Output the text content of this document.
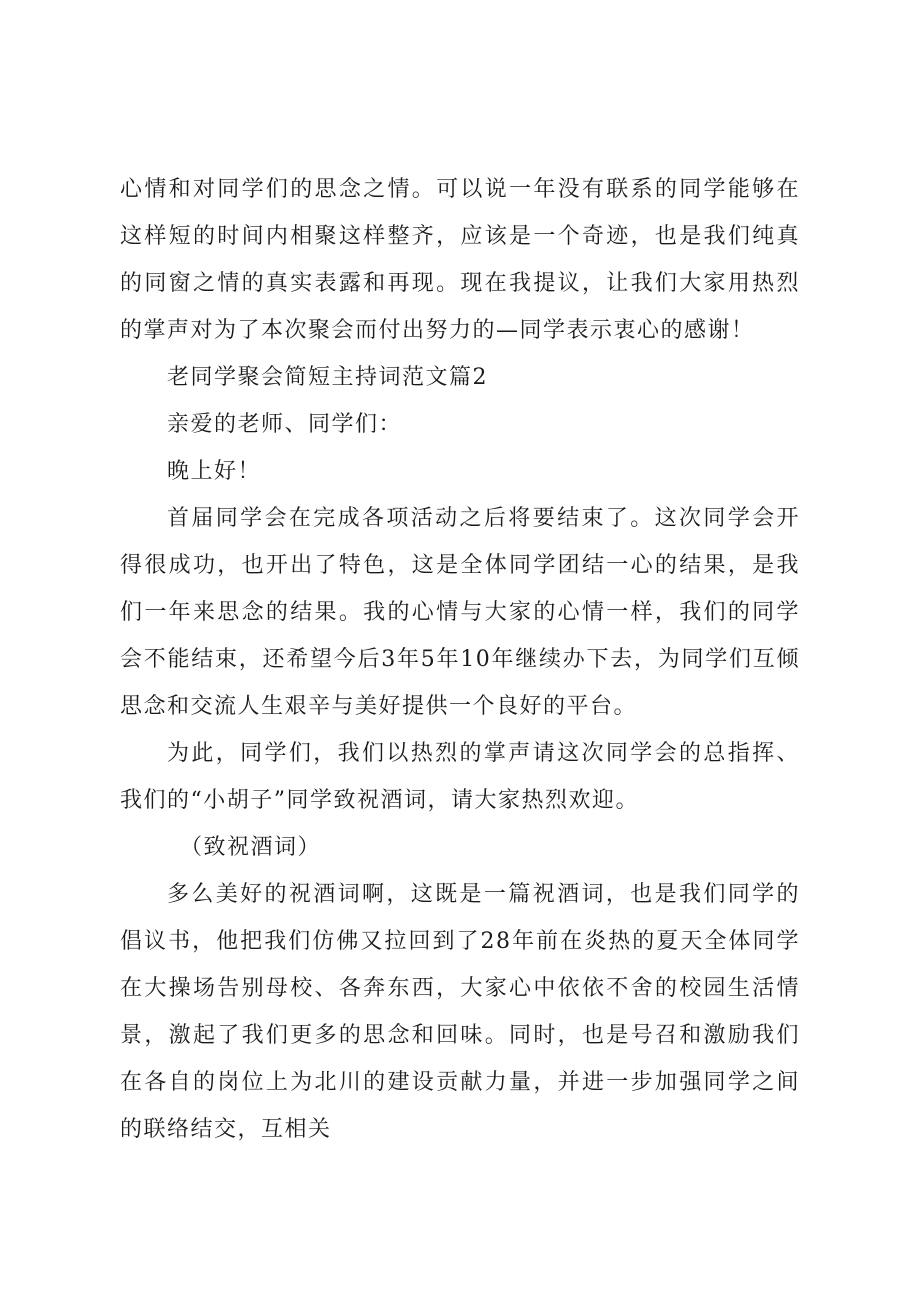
心情和对同学们的思念之情。可以说一年没有联系的同学能够在这样短的时间内相聚这样整齐，应该是一个奇迹，也是我们纯真的同窗之情的真实表露和再现。现在我提议，让我们大家用热烈的掌声对为了本次聚会而付出努力的—同学表示衷心的感谢！

老同学聚会简短主持词范文篇2

亲爱的老师、同学们：

晚上好！

首届同学会在完成各项活动之后将要结束了。这次同学会开得很成功，也开出了特色，这是全体同学团结一心的结果，是我们一年来思念的结果。我的心情与大家的心情一样，我们的同学会不能结束，还希望今后3年5年10年继续办下去，为同学们互倾思念和交流人生艰辛与美好提供一个良好的平台。

为此，同学们，我们以热烈的掌声请这次同学会的总指挥、我们的“小胡子”同学致祝酒词，请大家热烈欢迎。

（致祝酒词）

多么美好的祝酒词啊，这既是一篇祝酒词，也是我们同学的倡议书，他把我们仿佛又拉回到了28年前在炎热的夏天全体同学在大操场告别母校、各奔东西，大家心中依依不舍的校园生活情景，激起了我们更多的思念和回味。同时，也是号召和激励我们在各自的岗位上为北川的建设贡献力量，并进一步加强同学之间的联络结交，互相关
